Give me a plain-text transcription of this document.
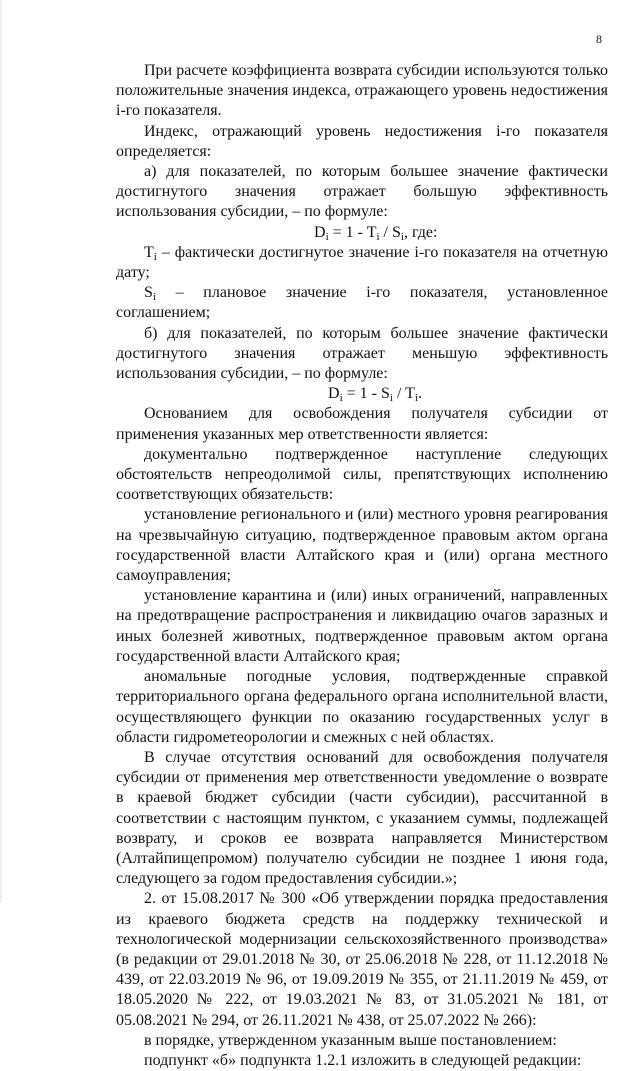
8

При расчете коэффициента возврата субсидии используются только положительные значения индекса, отражающего уровень недостижения i-го показателя.

Индекс, отражающий уровень недостижения i-го показателя определяется:

а) для показателей, по которым большее значение фактически достигнутого значения отражает большую эффективность использования субсидии, – по формуле:

$D_i = 1 - T_i / S_i$, где:

$T_i$ – фактически достигнутое значение i-го показателя на отчетную дату;

$S_i$ – плановое значение i-го показателя, установленное соглашением;

б) для показателей, по которым большее значение фактически достигнутого значения отражает меньшую эффективность использования субсидии, – по формуле:

$D_i = 1 - S_i / T_i$.

Основанием для освобождения получателя субсидии от применения указанных мер ответственности является:

документально подтвержденное наступление следующих обстоятельств непреодолимой силы, препятствующих исполнению соответствующих обязательств:

установление регионального и (или) местного уровня реагирования на чрезвычайную ситуацию, подтвержденное правовым актом органа государственной власти Алтайского края и (или) органа местного самоуправления;

установление карантина и (или) иных ограничений, направленных на предотвращение распространения и ликвидацию очагов заразных и иных болезней животных, подтвержденное правовым актом органа государственной власти Алтайского края;

аномальные погодные условия, подтвержденные справкой территориального органа федерального органа исполнительной власти, осуществляющего функции по оказанию государственных услуг в области гидрометеорологии и смежных с ней областях.

В случае отсутствия оснований для освобождения получателя субсидии от применения мер ответственности уведомление о возврате в краевой бюджет субсидии (части субсидии), рассчитанной в соответствии с настоящим пунктом, с указанием суммы, подлежащей возврату, и сроков ее возврата направляется Министерством (Алтайпищепромом) получателю субсидии не позднее 1 июня года, следующего за годом предоставления субсидии.»;

2. от 15.08.2017 № 300 «Об утверждении порядка предоставления из краевого бюджета средств на поддержку технической и технологической модернизации сельскохозяйственного производства» (в редакции от 29.01.2018 № 30, от 25.06.2018 № 228, от 11.12.2018 № 439, от 22.03.2019 № 96, от 19.09.2019 № 355, от 21.11.2019 № 459, от 18.05.2020 № 222, от 19.03.2021 № 83, от 31.05.2021 № 181, от 05.08.2021 № 294, от 26.11.2021 № 438, от 25.07.2022 № 266):

в порядке, утвержденном указанным выше постановлением:

подпункт «б» подпункта 1.2.1 изложить в следующей редакции:
